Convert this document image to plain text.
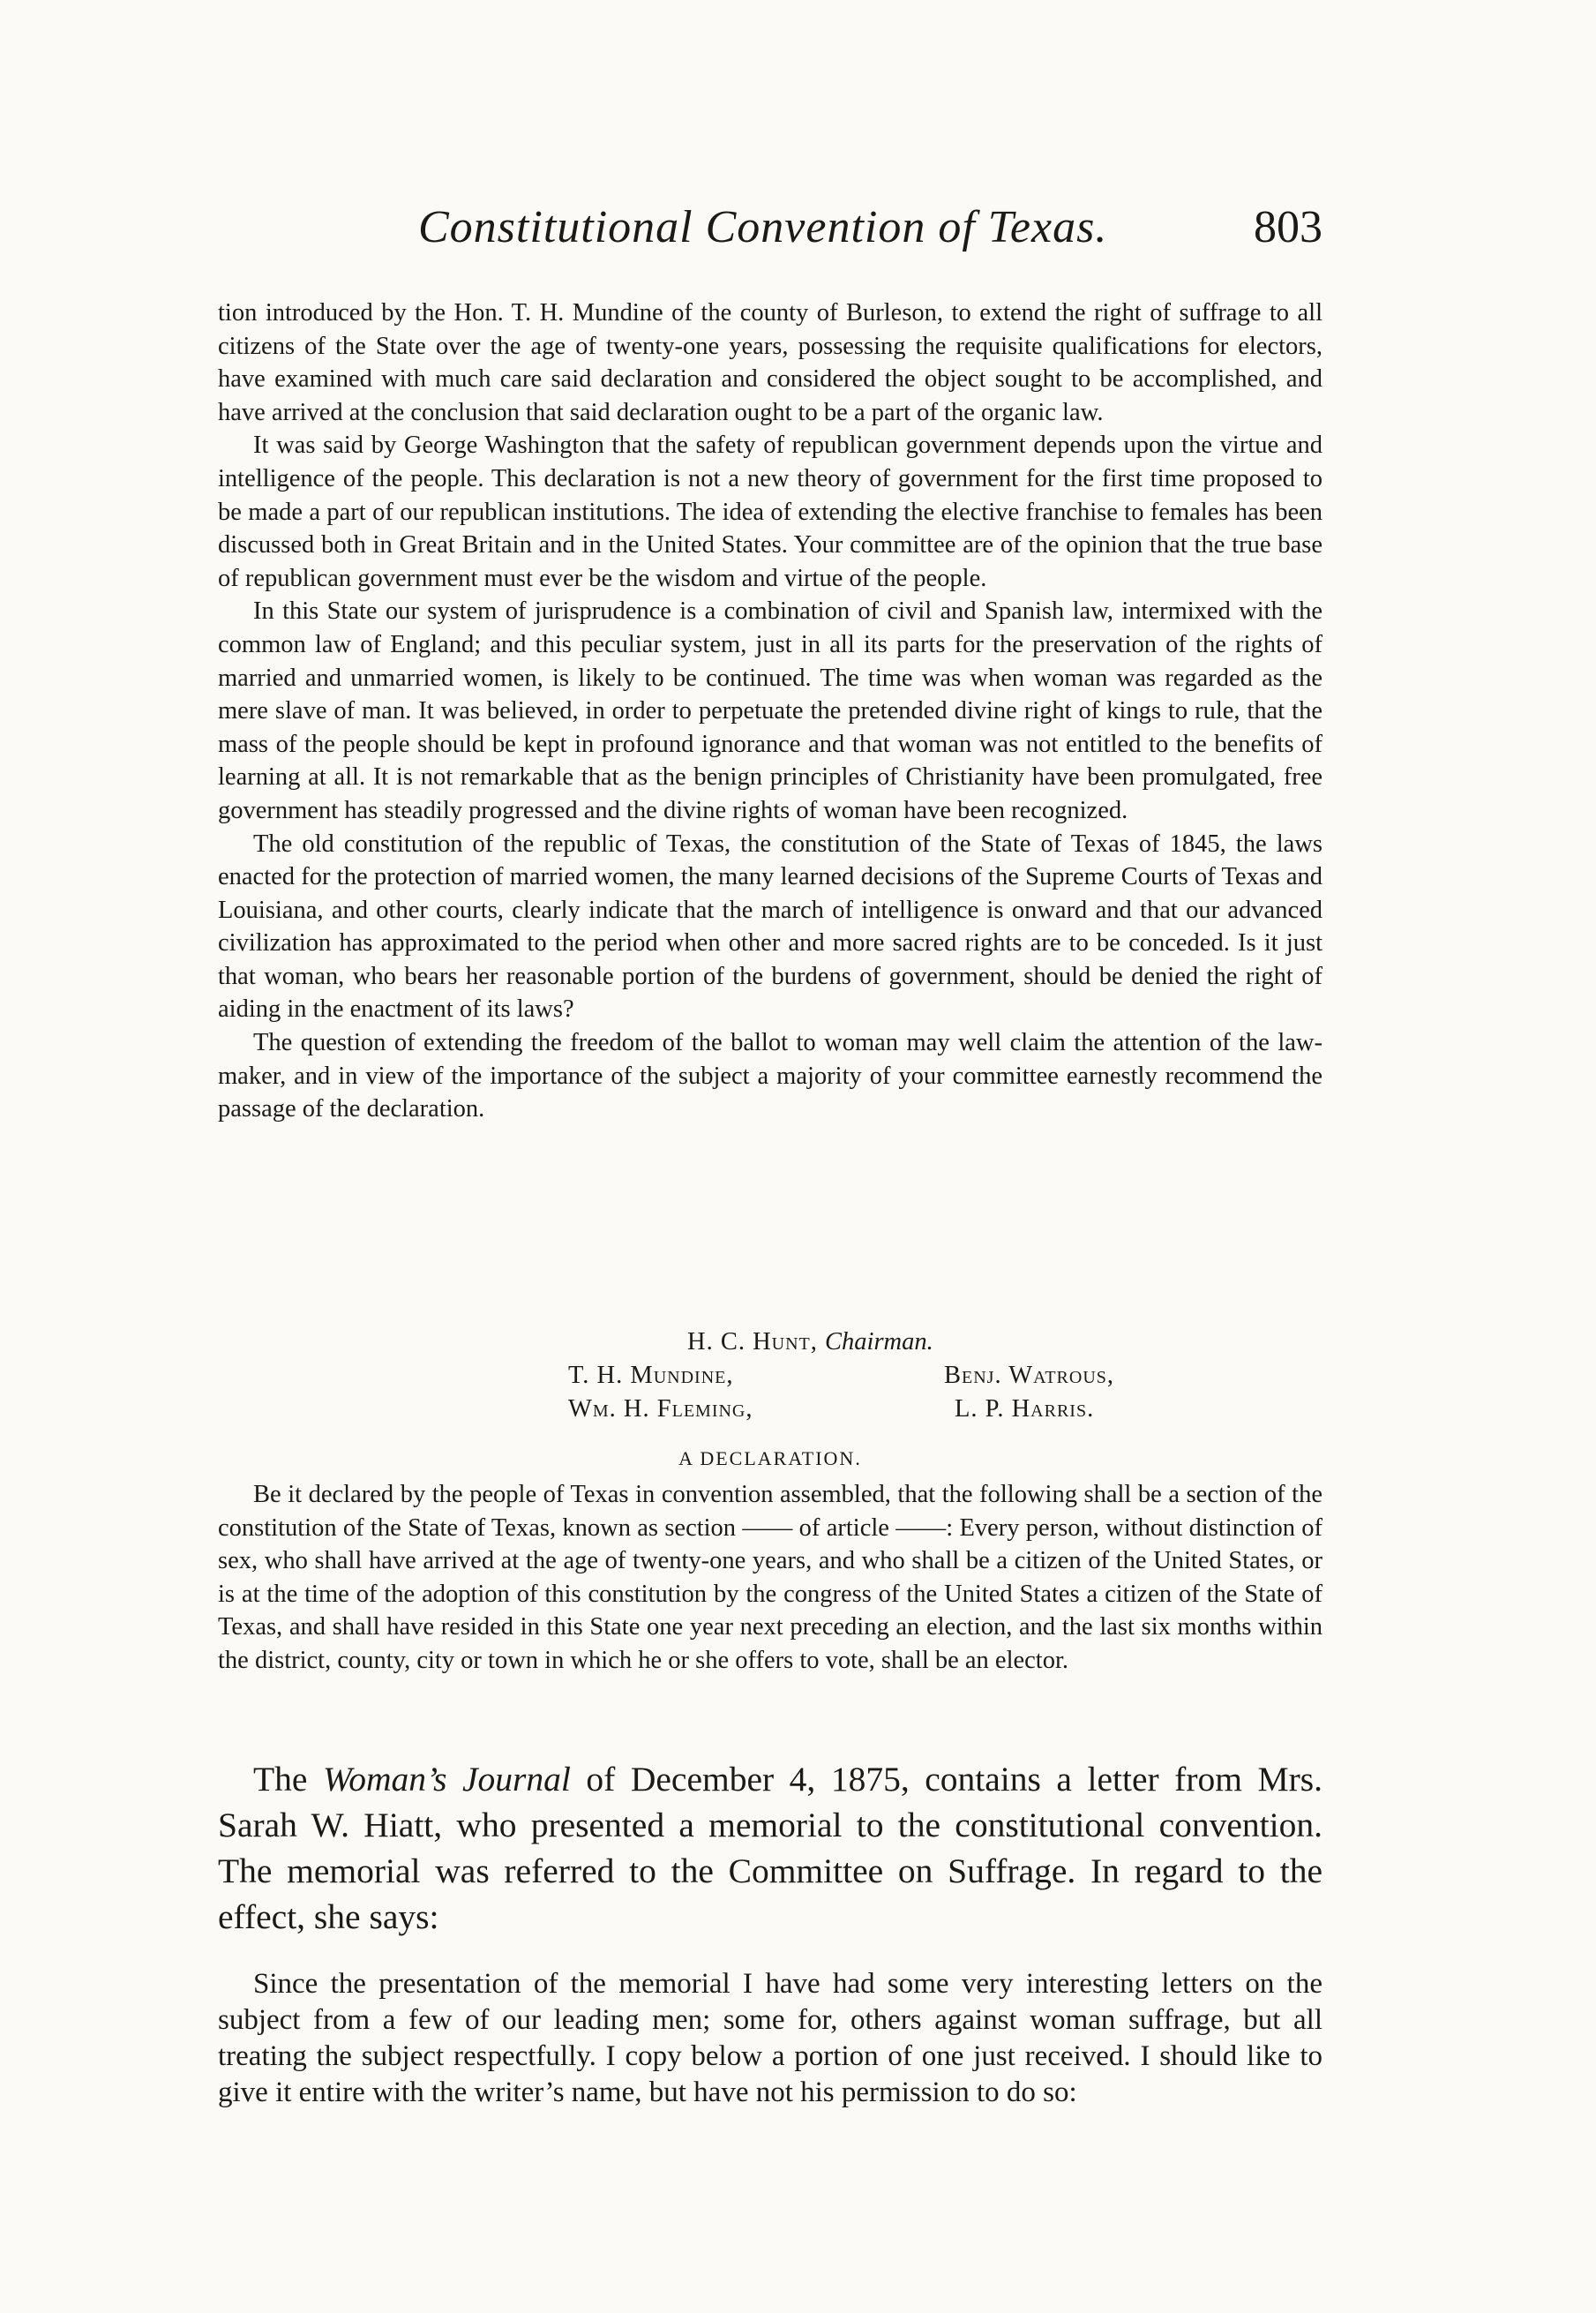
Constitutional Convention of Texas.	803

tion introduced by the Hon. T. H. Mundine of the county of Burleson, to extend the right of suffrage to all citizens of the State over the age of twenty-one years, possessing the requisite qualifications for electors, have examined with much care said declaration and considered the object sought to be accomplished, and have arrived at the conclusion that said declaration ought to be a part of the organic law.

It was said by George Washington that the safety of republican government depends upon the virtue and intelligence of the people. This declaration is not a new theory of government for the first time proposed to be made a part of our republican institutions. The idea of extending the elective franchise to females has been discussed both in Great Britain and in the United States. Your committee are of the opinion that the true base of republican government must ever be the wisdom and virtue of the people.

In this State our system of jurisprudence is a combination of civil and Spanish law, intermixed with the common law of England; and this peculiar system, just in all its parts for the preservation of the rights of married and unmarried women, is likely to be continued. The time was when woman was regarded as the mere slave of man. It was believed, in order to perpetuate the pretended divine right of kings to rule, that the mass of the people should be kept in profound ignorance and that woman was not entitled to the benefits of learning at all. It is not remarkable that as the benign principles of Christianity have been promulgated, free government has steadily progressed and the divine rights of woman have been recognized.

The old constitution of the republic of Texas, the constitution of the State of Texas of 1845, the laws enacted for the protection of married women, the many learned decisions of the Supreme Courts of Texas and Louisiana, and other courts, clearly indicate that the march of intelligence is onward and that our advanced civilization has approximated to the period when other and more sacred rights are to be conceded. Is it just that woman, who bears her reasonable portion of the burdens of government, should be denied the right of aiding in the enactment of its laws?

The question of extending the freedom of the ballot to woman may well claim the attention of the law-maker, and in view of the importance of the subject a majority of your committee earnestly recommend the passage of the declaration.

H. C. Hunt, Chairman.
T. H. Mundine,	Benj. Watrous,
Wm. H. Fleming,	L. P. Harris.
A DECLARATION.

Be it declared by the people of Texas in convention assembled, that the following shall be a section of the constitution of the State of Texas, known as section —— of article ——: Every person, without distinction of sex, who shall have arrived at the age of twenty-one years, and who shall be a citizen of the United States, or is at the time of the adoption of this constitution by the congress of the United States a citizen of the State of Texas, and shall have resided in this State one year next preceding an election, and the last six months within the district, county, city or town in which he or she offers to vote, shall be an elector.

The Woman’s Journal of December 4, 1875, contains a letter from Mrs. Sarah W. Hiatt, who presented a memorial to the constitutional convention. The memorial was referred to the Committee on Suffrage. In regard to the effect, she says:

Since the presentation of the memorial I have had some very interesting letters on the subject from a few of our leading men; some for, others against woman suffrage, but all treating the subject respectfully. I copy below a portion of one just received. I should like to give it entire with the writer’s name, but have not his permission to do so:
